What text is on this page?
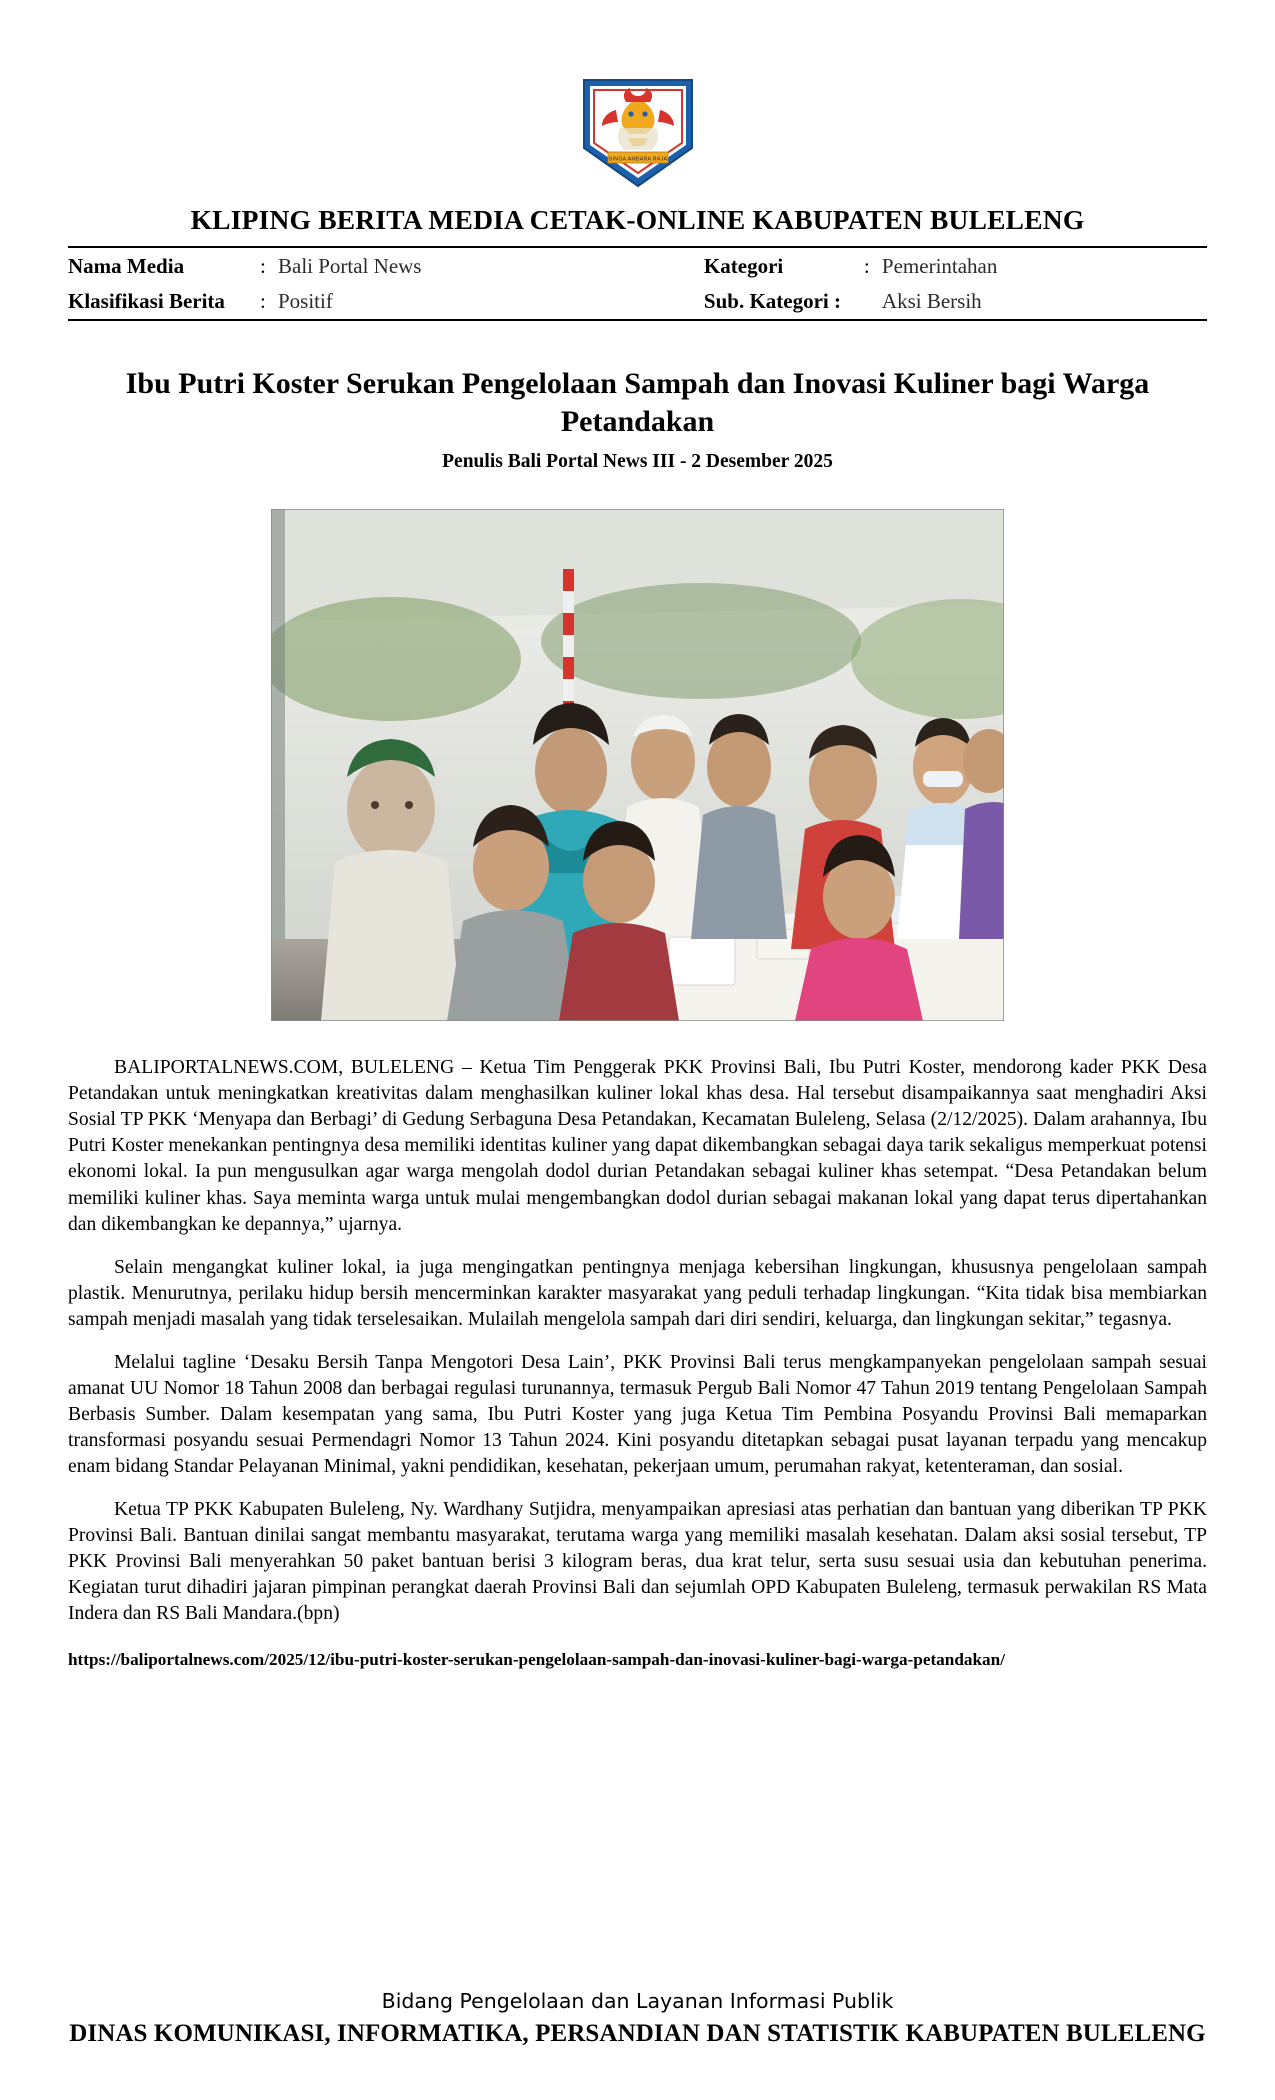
SINGA AMBARA RAJA
KLIPING BERITA MEDIA CETAK-ONLINE KABUPATEN BULELENG
Nama Media	:	Bali Portal News	Kategori	:	Pemerintahan
Klasifikasi Berita	:	Positif	Sub. Kategori :		Aksi Bersih
Ibu Putri Koster Serukan Pengelolaan Sampah dan Inovasi Kuliner bagi Warga Petandakan
Penulis Bali Portal News III - 2 Desember 2025

BALIPORTALNEWS.COM, BULELENG – Ketua Tim Penggerak PKK Provinsi Bali, Ibu Putri Koster, mendorong kader PKK Desa Petandakan untuk meningkatkan kreativitas dalam menghasilkan kuliner lokal khas desa. Hal tersebut disampaikannya saat menghadiri Aksi Sosial TP PKK ‘Menyapa dan Berbagi’ di Gedung Serbaguna Desa Petandakan, Kecamatan Buleleng, Selasa (2/12/2025). Dalam arahannya, Ibu Putri Koster menekankan pentingnya desa memiliki identitas kuliner yang dapat dikembangkan sebagai daya tarik sekaligus memperkuat potensi ekonomi lokal. Ia pun mengusulkan agar warga mengolah dodol durian Petandakan sebagai kuliner khas setempat. “Desa Petandakan belum memiliki kuliner khas. Saya meminta warga untuk mulai mengembangkan dodol durian sebagai makanan lokal yang dapat terus dipertahankan dan dikembangkan ke depannya,” ujarnya.

Selain mengangkat kuliner lokal, ia juga mengingatkan pentingnya menjaga kebersihan lingkungan, khususnya pengelolaan sampah plastik. Menurutnya, perilaku hidup bersih mencerminkan karakter masyarakat yang peduli terhadap lingkungan. “Kita tidak bisa membiarkan sampah menjadi masalah yang tidak terselesaikan. Mulailah mengelola sampah dari diri sendiri, keluarga, dan lingkungan sekitar,” tegasnya.

Melalui tagline ‘Desaku Bersih Tanpa Mengotori Desa Lain’, PKK Provinsi Bali terus mengkampanyekan pengelolaan sampah sesuai amanat UU Nomor 18 Tahun 2008 dan berbagai regulasi turunannya, termasuk Pergub Bali Nomor 47 Tahun 2019 tentang Pengelolaan Sampah Berbasis Sumber. Dalam kesempatan yang sama, Ibu Putri Koster yang juga Ketua Tim Pembina Posyandu Provinsi Bali memaparkan transformasi posyandu sesuai Permendagri Nomor 13 Tahun 2024. Kini posyandu ditetapkan sebagai pusat layanan terpadu yang mencakup enam bidang Standar Pelayanan Minimal, yakni pendidikan, kesehatan, pekerjaan umum, perumahan rakyat, ketenteraman, dan sosial.

Ketua TP PKK Kabupaten Buleleng, Ny. Wardhany Sutjidra, menyampaikan apresiasi atas perhatian dan bantuan yang diberikan TP PKK Provinsi Bali. Bantuan dinilai sangat membantu masyarakat, terutama warga yang memiliki masalah kesehatan. Dalam aksi sosial tersebut, TP PKK Provinsi Bali menyerahkan 50 paket bantuan berisi 3 kilogram beras, dua krat telur, serta susu sesuai usia dan kebutuhan penerima. Kegiatan turut dihadiri jajaran pimpinan perangkat daerah Provinsi Bali dan sejumlah OPD Kabupaten Buleleng, termasuk perwakilan RS Mata Indera dan RS Bali Mandara.(bpn)

https://baliportalnews.com/2025/12/ibu-putri-koster-serukan-pengelolaan-sampah-dan-inovasi-kuliner-bagi-warga-petandakan/
Bidang Pengelolaan dan Layanan Informasi Publik
DINAS KOMUNIKASI, INFORMATIKA, PERSANDIAN DAN STATISTIK KABUPATEN BULELENG
